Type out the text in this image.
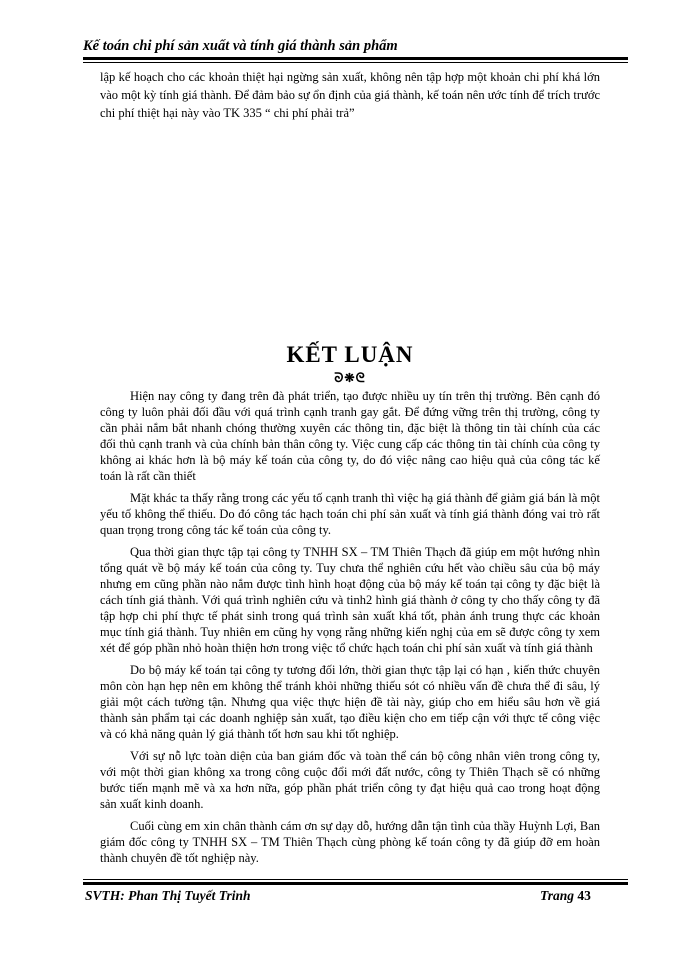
Kế toán chi phí sản xuất và tính giá thành sản phẩm
lập kế hoạch cho các khoản thiệt hại ngừng sản xuất, không nên tập hợp một khoản chi phí khá lớn vào một kỳ tính giá thành. Để đảm bảo sự ổn định của giá thành, kế toán nên ước tính để trích trước chi phí thiệt hại này vào TK 335 “ chi phí phải trả”
KẾT LUẬN
ᘐ❋ᘓ

Hiện nay công ty đang trên đà phát triển, tạo được nhiều uy tín trên thị trường. Bên cạnh đó công ty luôn phải đối đầu với quá trình cạnh tranh gay gắt. Để đứng vững trên thị trường, công ty cần phải nắm bắt nhanh chóng thường xuyên các thông tin, đặc biệt là thông tin tài chính của các đối thủ cạnh tranh và của chính bản thân công ty. Việc cung cấp các thông tin tài chính của công ty không ai khác hơn là bộ máy kế toán của công ty, do đó việc nâng cao hiệu quả của công tác kế toán là rất cần thiết

Mặt khác ta thấy rằng trong các yếu tố cạnh tranh thì việc hạ giá thành để giảm giá bán là một yếu tố không thể thiếu. Do đó công tác hạch toán chi phí sản xuất và tính giá thành đóng vai trò rất quan trọng trong công tác kế toán của công ty.

Qua thời gian thực tập tại công ty TNHH SX – TM Thiên Thạch đã giúp em một hướng nhìn tổng quát về bộ máy kế toán của công ty. Tuy chưa thể nghiên cứu hết vào chiều sâu của bộ máy nhưng em cũng phần nào nắm được tình hình hoạt động của bộ máy kế toán tại công ty đặc biệt là cách tính giá thành. Với quá trình nghiên cứu và tinh2 hình giá thành ở công ty cho thấy công ty đã tập hợp chi phí thực tế phát sinh trong quá trình sản xuất khá tốt, phản ánh trung thực các khoản mục tính giá thành. Tuy nhiên em cũng hy vọng rằng những kiến nghị của em sẽ được công ty xem xét để góp phần nhỏ hoàn thiện hơn trong việc tổ chức hạch toán chi phí sản xuất và tính giá thành

Do bộ máy kế toán tại công ty tương đối lớn, thời gian thực tập lại có hạn , kiến thức chuyên môn còn hạn hẹp nên em không thể tránh khỏi những thiếu sót có nhiều vấn đề chưa thể đi sâu, lý giải một cách tường tận. Nhưng qua việc thực hiện đề tài này, giúp cho em hiểu sâu hơn về giá thành sản phẩm tại các doanh nghiệp sản xuất, tạo điều kiện cho em tiếp cận với thực tế công việc và có khả năng quản lý giá thành tốt hơn sau khi tốt nghiệp.

Với sự nỗ lực toàn diện của ban giám đốc và toàn thể cán bộ công nhân viên trong công ty, với một thời gian không xa trong công cuộc đổi mới đất nước, công ty Thiên Thạch sẽ có những bước tiến mạnh mẽ và xa hơn nữa, góp phần phát triển công ty đạt hiệu quả cao trong hoạt động sản xuất kinh doanh.

Cuối cùng em xin chân thành cám ơn sự dạy dỗ, hướng dẫn tận tình của thầy Huỳnh Lợi, Ban giám đốc công ty TNHH SX – TM Thiên Thạch cùng phòng kế toán công ty đã giúp đỡ em hoàn thành chuyên đề tốt nghiệp này.

SVTH: Phan Thị Tuyết Trinh	Trang 43
